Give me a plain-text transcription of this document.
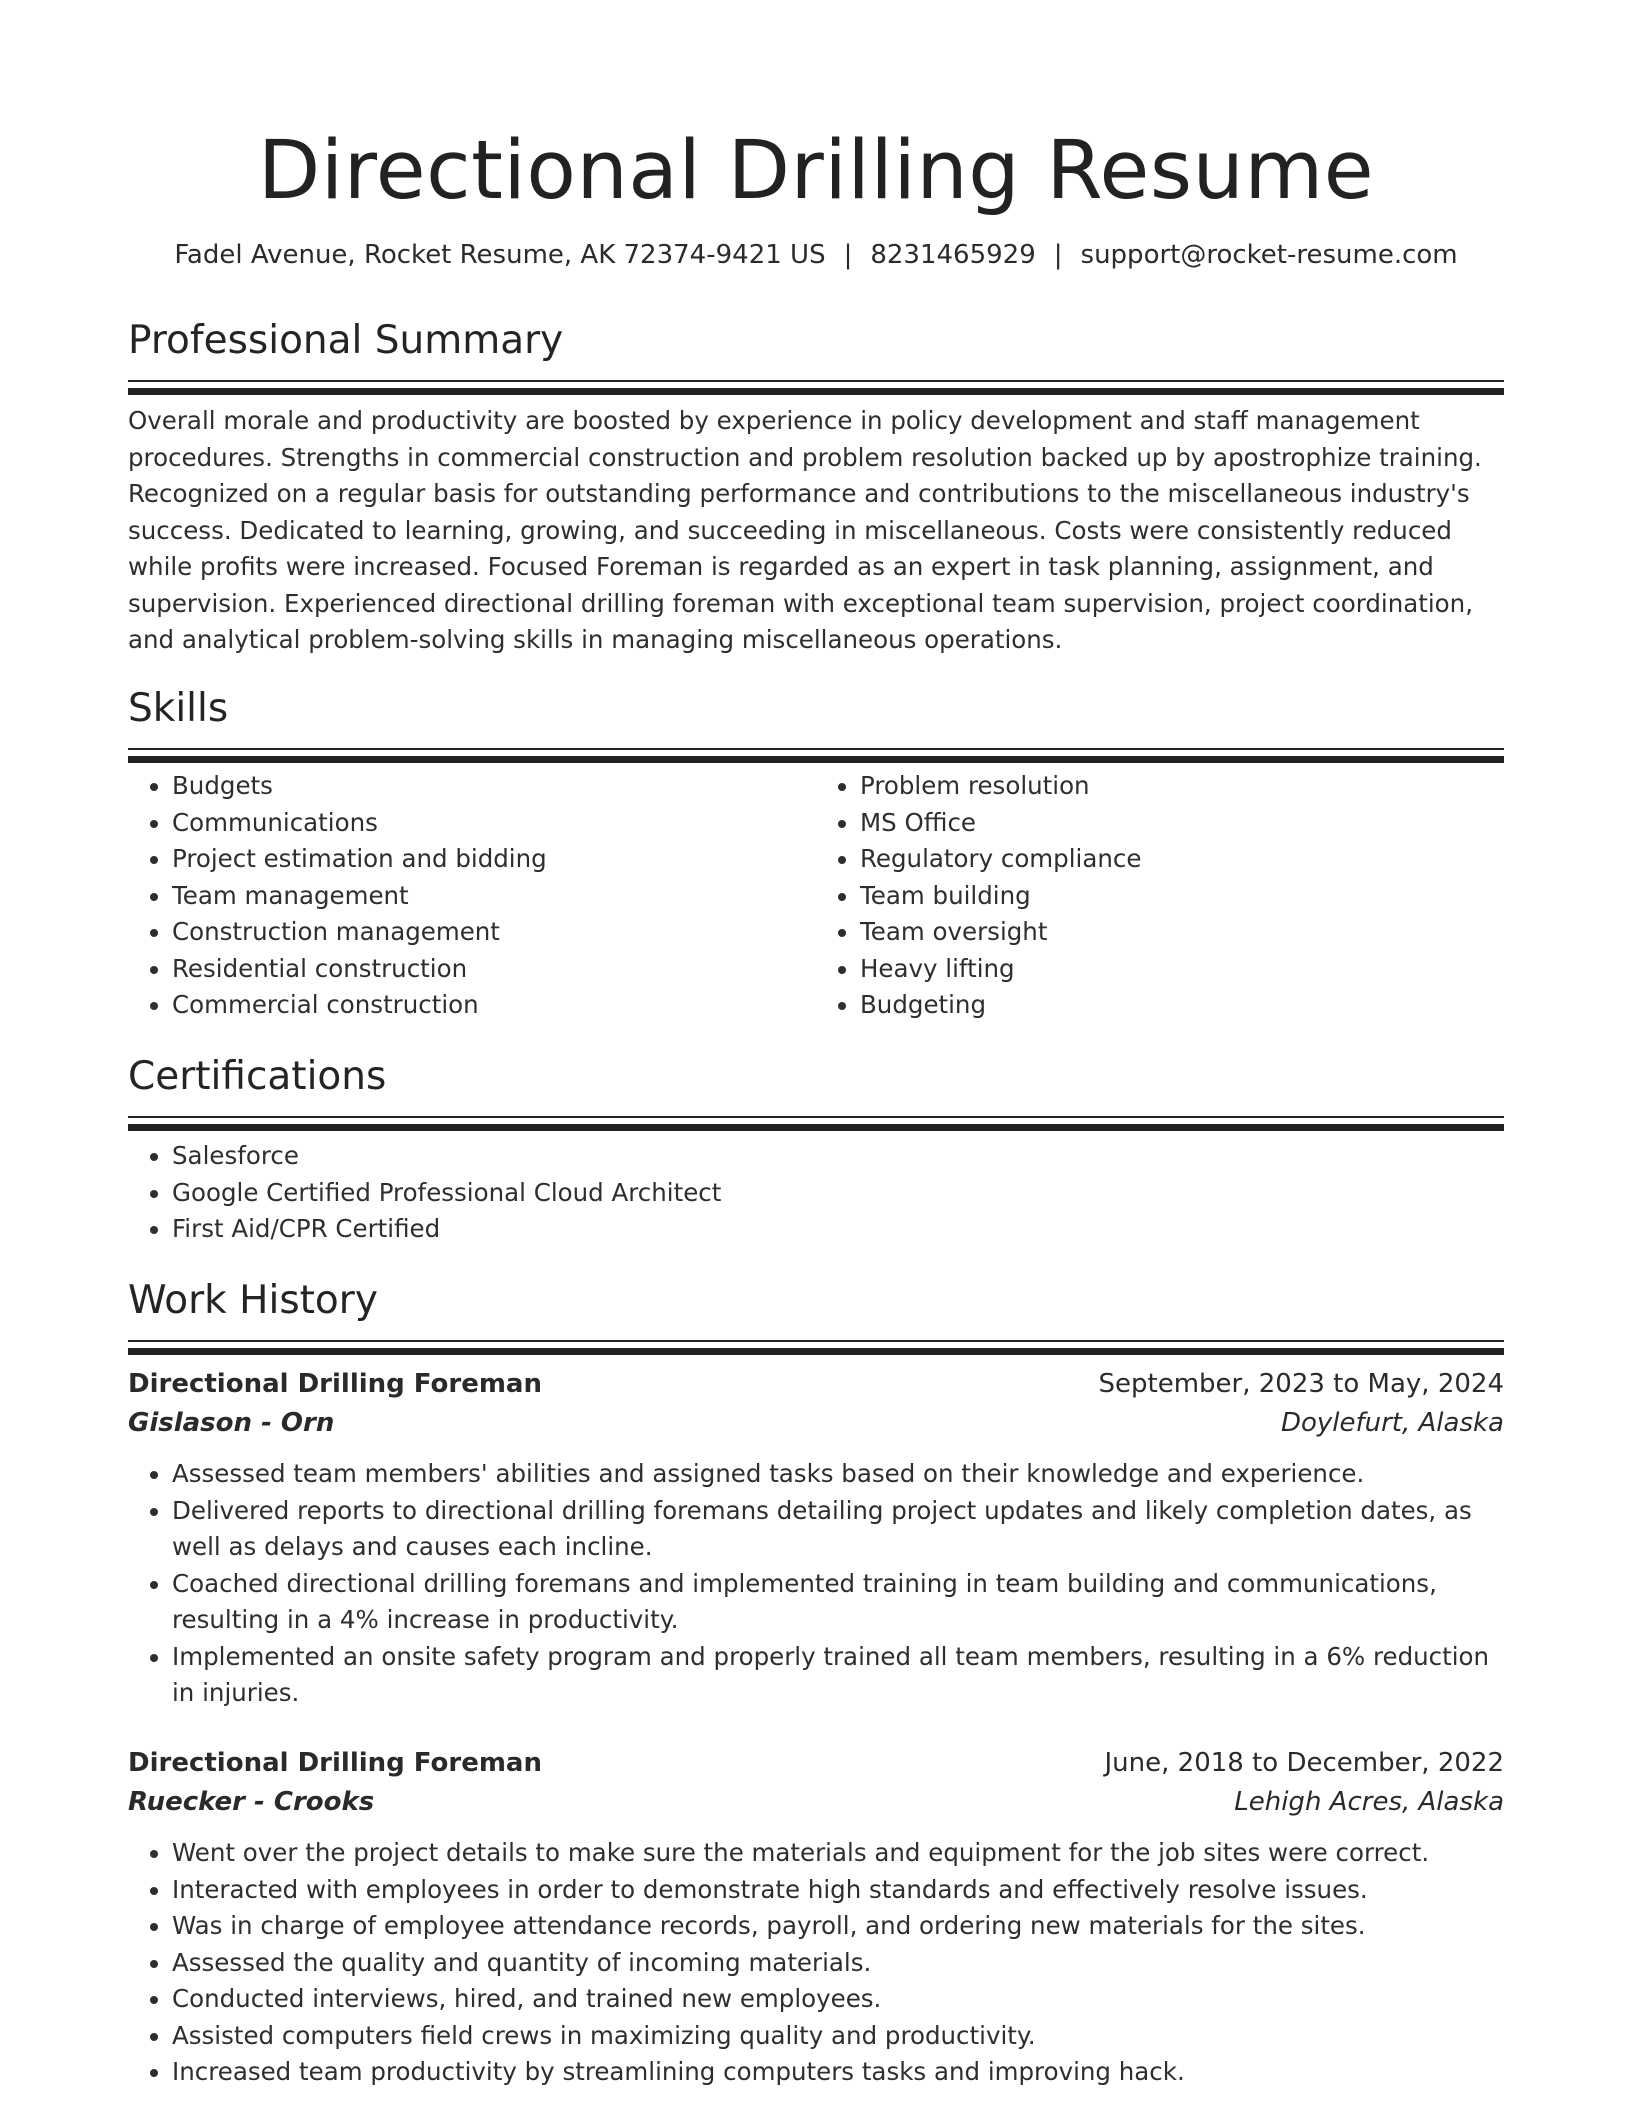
Directional Drilling Resume
Fadel Avenue, Rocket Resume, AK 72374-9421 US | 8231465929 | support@rocket-resume.com
Professional Summary

Overall morale and productivity are boosted by experience in policy development and staff management procedures. Strengths in commercial construction and problem resolution backed up by apostrophize training. Recognized on a regular basis for outstanding performance and contributions to the miscellaneous industry's success. Dedicated to learning, growing, and succeeding in miscellaneous. Costs were consistently reduced while profits were increased. Focused Foreman is regarded as an expert in task planning, assignment, and supervision. Experienced directional drilling foreman with exceptional team supervision, project coordination, and analytical problem-solving skills in managing miscellaneous operations.

Skills
• Budgets
• Communications
• Project estimation and bidding
• Team management
• Construction management
• Residential construction
• Commercial construction
• Problem resolution
• MS Office
• Regulatory compliance
• Team building
• Team oversight
• Heavy lifting
• Budgeting
Certifications
• Salesforce
• Google Certified Professional Cloud Architect
• First Aid/CPR Certified
Work History
Directional Drilling Foreman	September, 2023 to May, 2024
Gislason - Orn	Doylefurt, Alaska
• Assessed team members' abilities and assigned tasks based on their knowledge and experience.
• Delivered reports to directional drilling foremans detailing project updates and likely completion dates, as well as delays and causes each incline.
• Coached directional drilling foremans and implemented training in team building and communications, resulting in a 4% increase in productivity.
• Implemented an onsite safety program and properly trained all team members, resulting in a 6% reduction in injuries.
Directional Drilling Foreman	June, 2018 to December, 2022
Ruecker - Crooks	Lehigh Acres, Alaska
• Went over the project details to make sure the materials and equipment for the job sites were correct.
• Interacted with employees in order to demonstrate high standards and effectively resolve issues.
• Was in charge of employee attendance records, payroll, and ordering new materials for the sites.
• Assessed the quality and quantity of incoming materials.
• Conducted interviews, hired, and trained new employees.
• Assisted computers field crews in maximizing quality and productivity.
• Increased team productivity by streamlining computers tasks and improving hack.
